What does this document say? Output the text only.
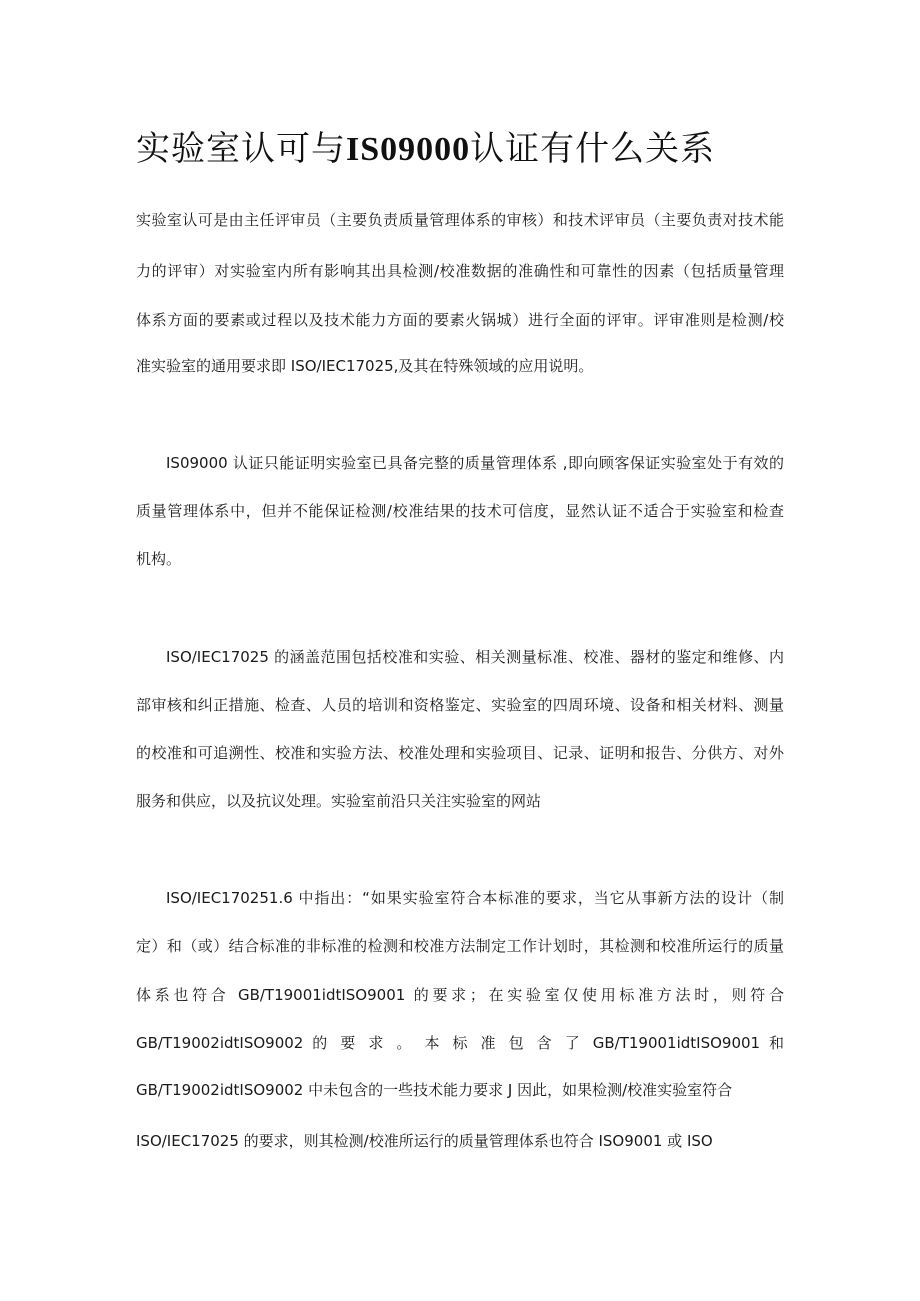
实验室认可与IS09000认证有什么关系

实验室认可是由主任评审员（主要负责质量管理体系的审核）和技术评审员（主要负责对技术能

力的评审）对实验室内所有影响其出具检测/校准数据的准确性和可靠性的因素（包括质量管理

体系方面的要素或过程以及技术能力方面的要素火锅城）进行全面的评审。评审准则是检测/校

准实验室的通用要求即 ISO/IEC17025,及其在特殊领域的应用说明。

IS09000 认证只能证明实验室已具备完整的质量管理体系 ,即向顾客保证实验室处于有效的

质量管理体系中，但并不能保证检测/校准结果的技术可信度，显然认证不适合于实验室和检查

机构。

ISO/IEC17025 的涵盖范围包括校准和实验、相关测量标准、校准、器材的鉴定和维修、内

部审核和纠正措施、检查、人员的培训和资格鉴定、实验室的四周环境、设备和相关材料、测量

的校准和可追溯性、校准和实验方法、校准处理和实验项目、记录、证明和报告、分供方、对外

服务和供应，以及抗议处理。实验室前沿只关注实验室的网站

ISO/IEC170251.6 中指出：“如果实验室符合本标准的要求，当它从事新方法的设计（制

定）和（或）结合标准的非标准的检测和校准方法制定工作计划时，其检测和校准所运行的质量

体系也符合 GB/T19001idtISO9001 的要求；在实验室仅使用标准方法时，则符合

GB/T19002idtISO9002 的 要 求 。 本 标 准 包 含 了 GB/T19001idtISO9001 和

GB/T19002idtISO9002 中未包含的一些技术能力要求 J 因此，如果检测/校准实验室符合

ISO/IEC17025 的要求，则其检测/校准所运行的质量管理体系也符合 ISO9001 或 ISO
